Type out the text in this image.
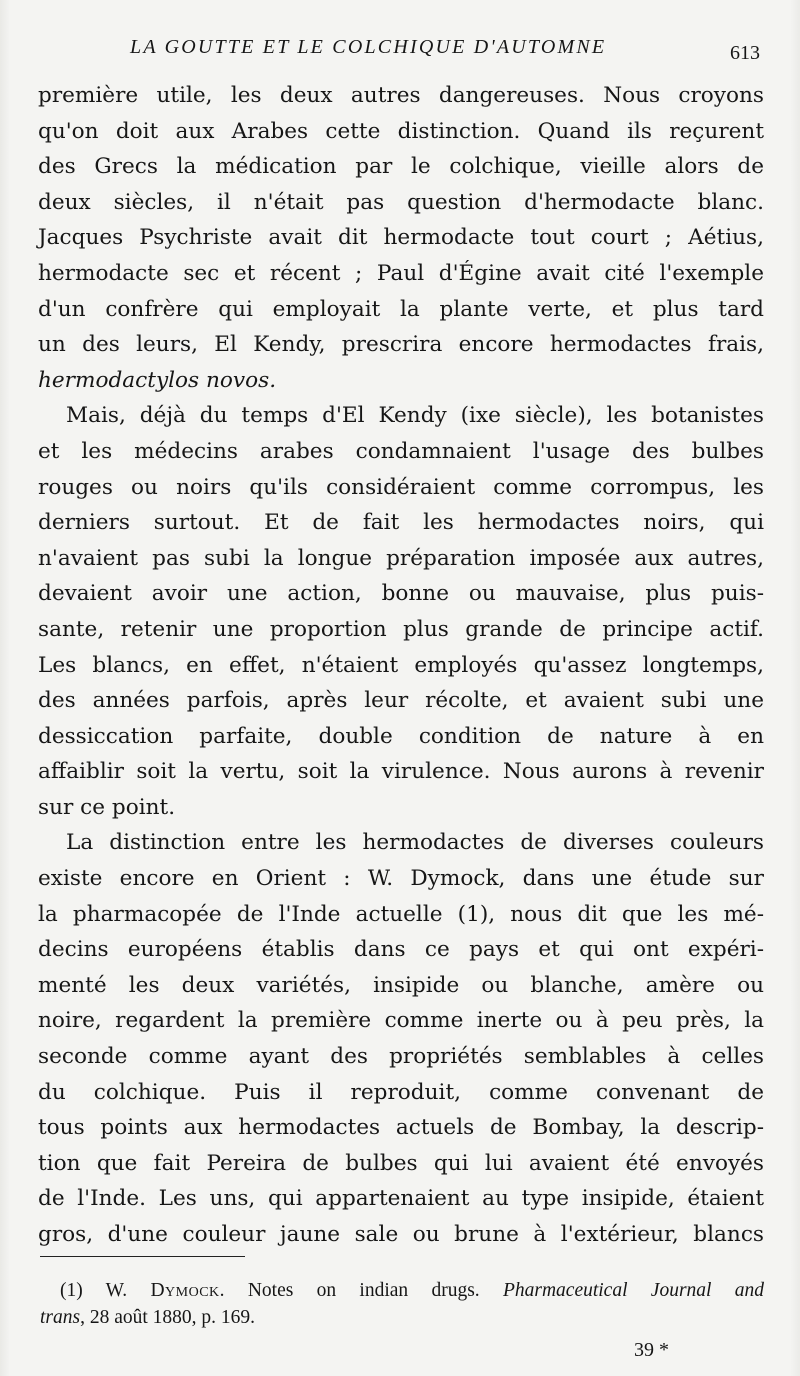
LA GOUTTE ET LE COLCHIQUE D'AUTOMNE	613
première utile, les deux autres dangereuses. Nous croyons
qu'on doit aux Arabes cette distinction. Quand ils reçurent
des Grecs la médication par le colchique, vieille alors de
deux siècles, il n'était pas question d'hermodacte blanc.
Jacques Psychriste avait dit hermodacte tout court ; Aétius,
hermodacte sec et récent ; Paul d'Égine avait cité l'exemple
d'un confrère qui employait la plante verte, et plus tard
un des leurs, El Kendy, prescrira encore hermodactes frais,
hermodactylos novos.
Mais, déjà du temps d'El Kendy (ixe siècle), les botanistes
et les médecins arabes condamnaient l'usage des bulbes
rouges ou noirs qu'ils considéraient comme corrompus, les
derniers surtout. Et de fait les hermodactes noirs, qui
n'avaient pas subi la longue préparation imposée aux autres,
devaient avoir une action, bonne ou mauvaise, plus puis-
sante, retenir une proportion plus grande de principe actif.
Les blancs, en effet, n'étaient employés qu'assez longtemps,
des années parfois, après leur récolte, et avaient subi une
dessiccation parfaite, double condition de nature à en
affaiblir soit la vertu, soit la virulence. Nous aurons à revenir
sur ce point.
La distinction entre les hermodactes de diverses couleurs
existe encore en Orient : W. Dymock, dans une étude sur
la pharmacopée de l'Inde actuelle (1), nous dit que les mé-
decins européens établis dans ce pays et qui ont expéri-
menté les deux variétés, insipide ou blanche, amère ou
noire, regardent la première comme inerte ou à peu près, la
seconde comme ayant des propriétés semblables à celles
du colchique. Puis il reproduit, comme convenant de
tous points aux hermodactes actuels de Bombay, la descrip-
tion que fait Pereira de bulbes qui lui avaient été envoyés
de l'Inde. Les uns, qui appartenaient au type insipide, étaient
gros, d'une couleur jaune sale ou brune à l'extérieur, blancs
(1) W. Dymock. Notes on indian drugs. Pharmaceutical Journal and
trans, 28 août 1880, p. 169.
39 *
